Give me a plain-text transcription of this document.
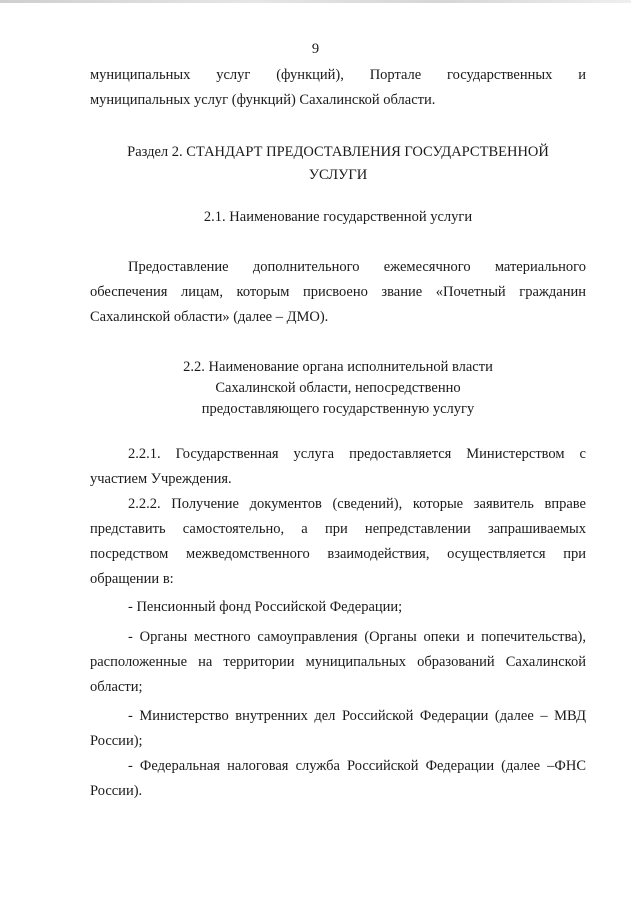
9
муниципальных услуг (функций), Портале государственных и
муниципальных услуг (функций) Сахалинской области.
Раздел 2. СТАНДАРТ ПРЕДОСТАВЛЕНИЯ ГОСУДАРСТВЕННОЙ
УСЛУГИ
2.1. Наименование государственной услуги
Предоставление дополнительного ежемесячного материального
обеспечения лицам, которым присвоено звание «Почетный гражданин
Сахалинской области» (далее – ДМО).
2.2. Наименование органа исполнительной власти
Сахалинской области, непосредственно
предоставляющего государственную услугу
2.2.1. Государственная услуга предоставляется Министерством с
участием Учреждения.
2.2.2. Получение документов (сведений), которые заявитель вправе
представить самостоятельно, а при непредставлении запрашиваемых
посредством межведомственного взаимодействия, осуществляется при
обращении в:
- Пенсионный фонд Российской Федерации;
- Органы местного самоуправления (Органы опеки и попечительства),
расположенные на территории муниципальных образований Сахалинской
области;
- Министерство внутренних дел Российской Федерации (далее – МВД
России);
- Федеральная налоговая служба Российской Федерации (далее –ФНС
России).
